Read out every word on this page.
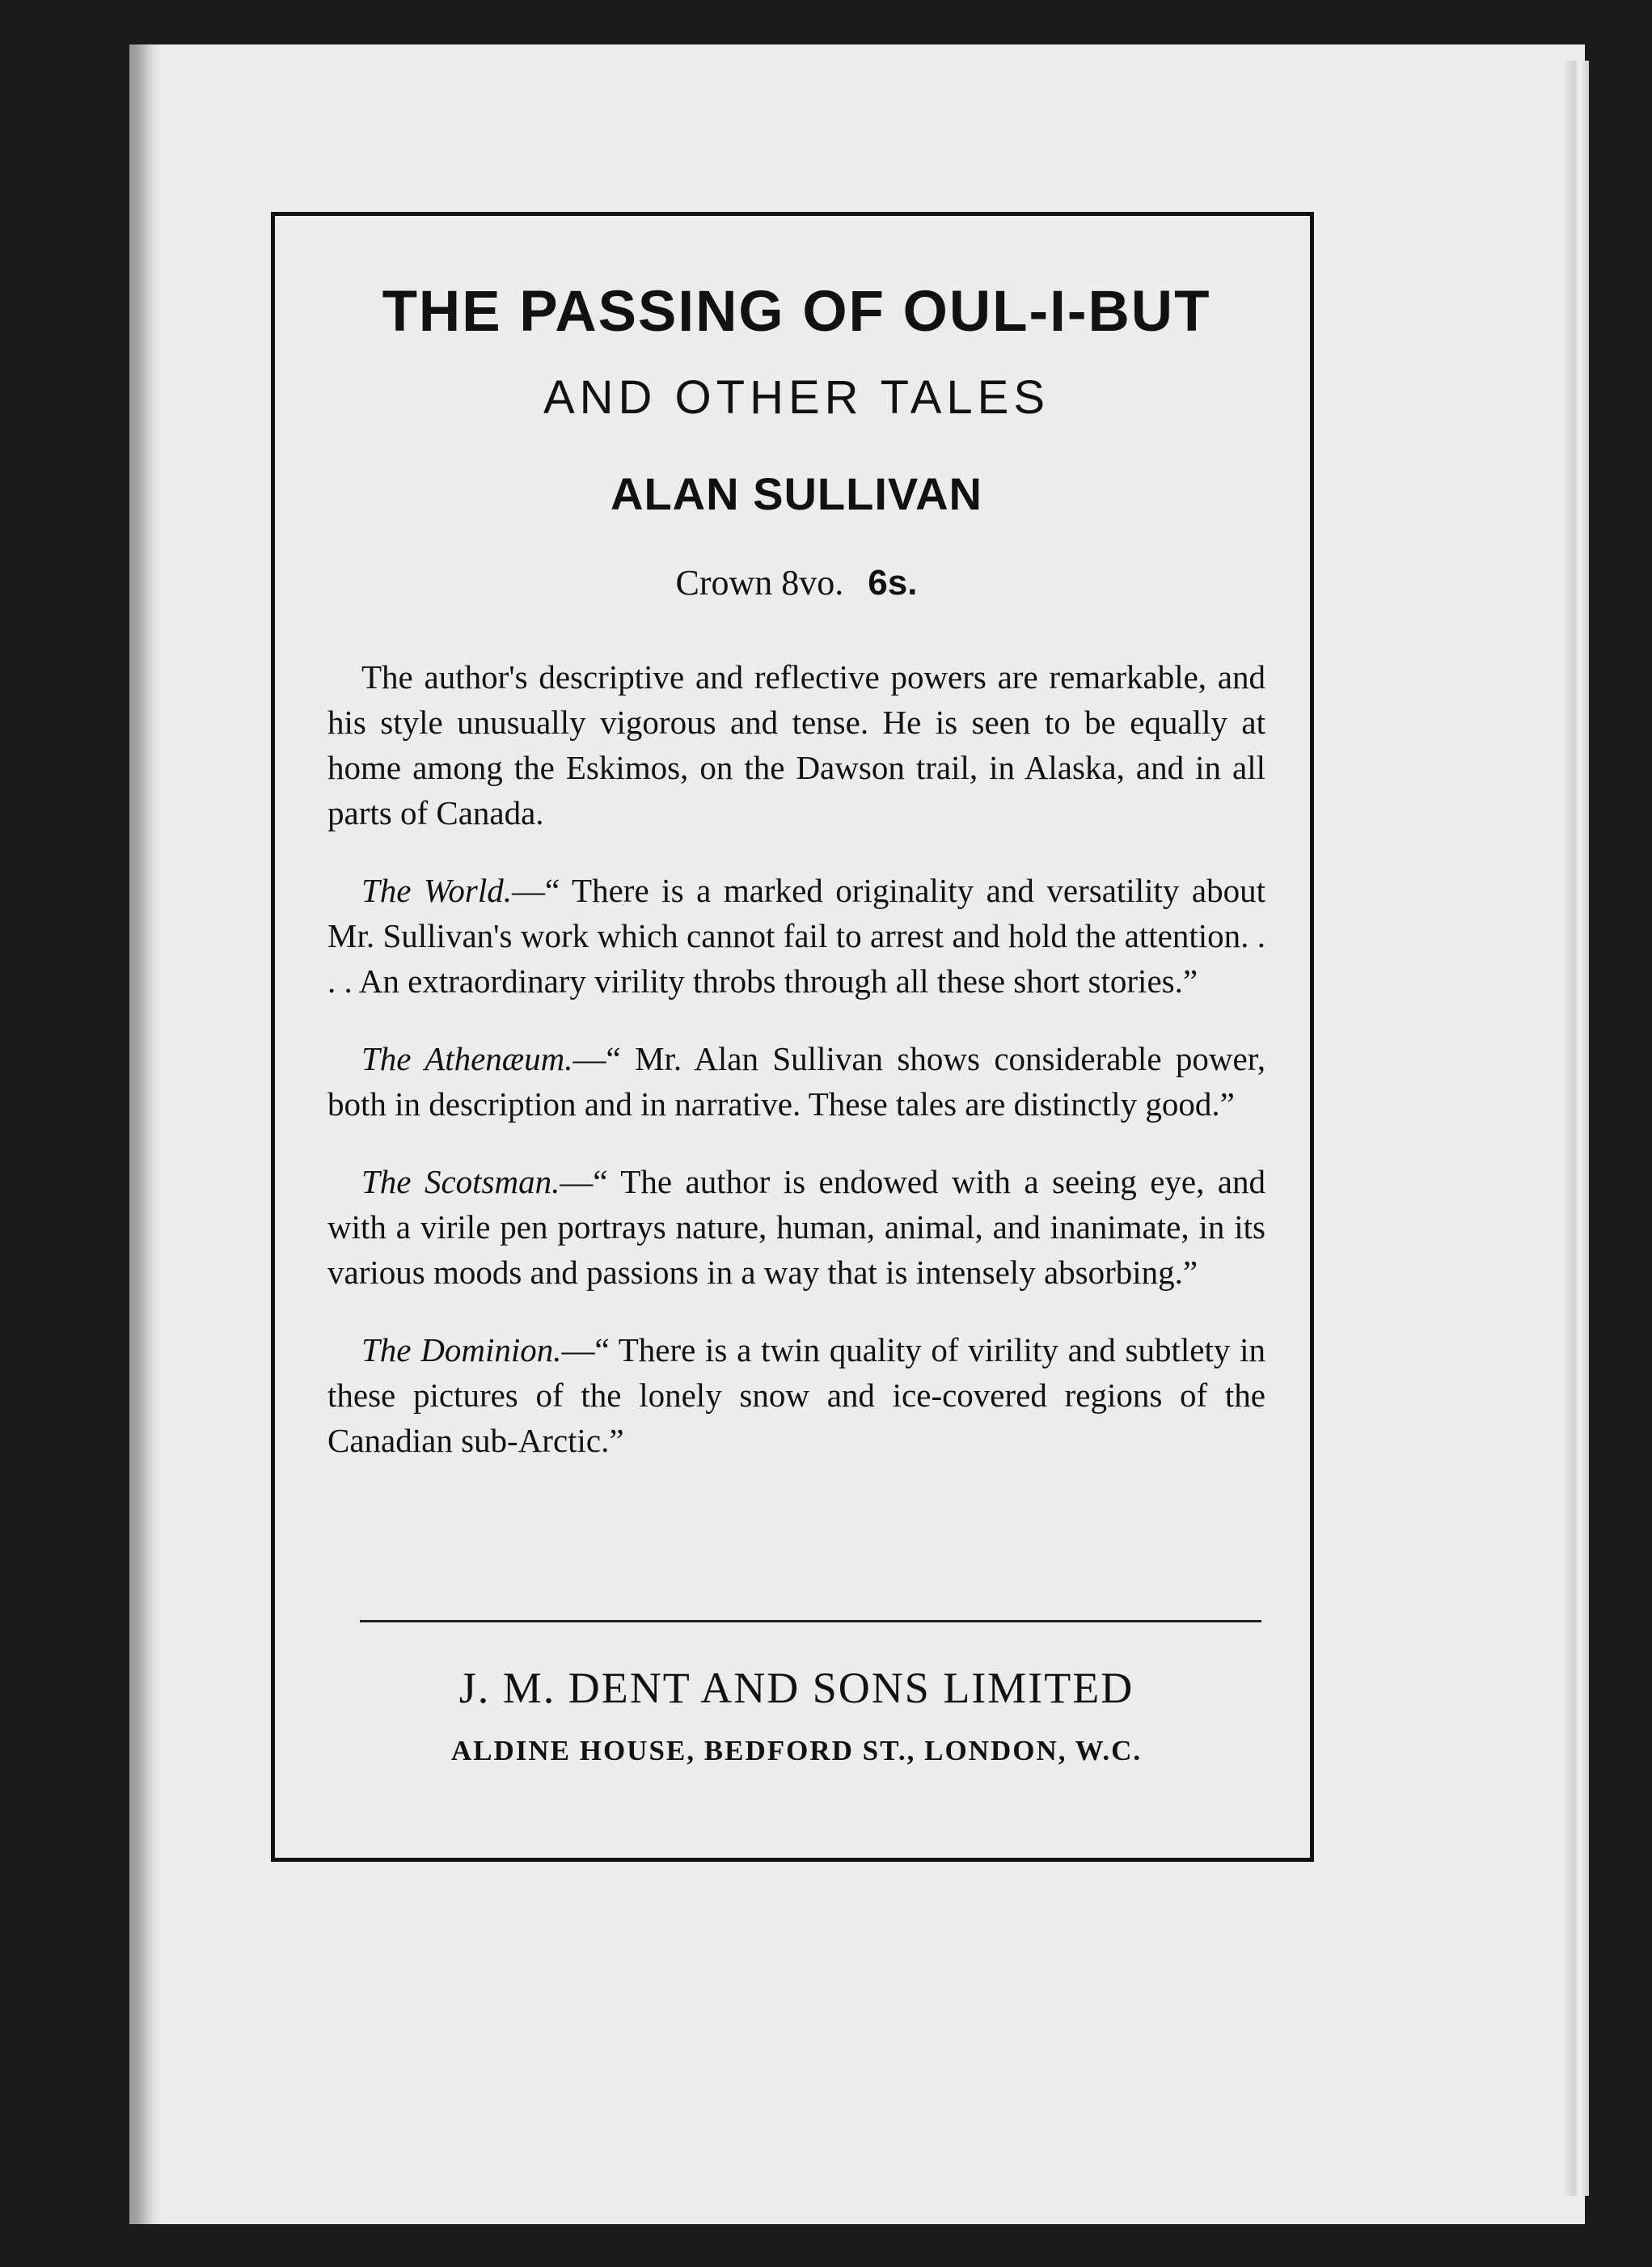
THE PASSING OF OUL-I-BUT
AND OTHER TALES
ALAN SULLIVAN
Crown 8vo. 6s.

The author's descriptive and reflective powers are remarkable, and his style unusually vigorous and tense. He is seen to be equally at home among the Eskimos, on the Dawson trail, in Alaska, and in all parts of Canada.

The World.—“ There is a marked originality and versatility about Mr. Sullivan's work which cannot fail to arrest and hold the attention. . . . An extraordinary virility throbs through all these short stories.”

The Athenæum.—“ Mr. Alan Sullivan shows considerable power, both in description and in narrative. These tales are distinctly good.”

The Scotsman.—“ The author is endowed with a seeing eye, and with a virile pen portrays nature, human, animal, and inanimate, in its various moods and passions in a way that is intensely absorbing.”

The Dominion.—“ There is a twin quality of virility and subtlety in these pictures of the lonely snow and ice-covered regions of the Canadian sub-Arctic.”

J. M. DENT AND SONS LIMITED
ALDINE HOUSE, BEDFORD ST., LONDON, W.C.
